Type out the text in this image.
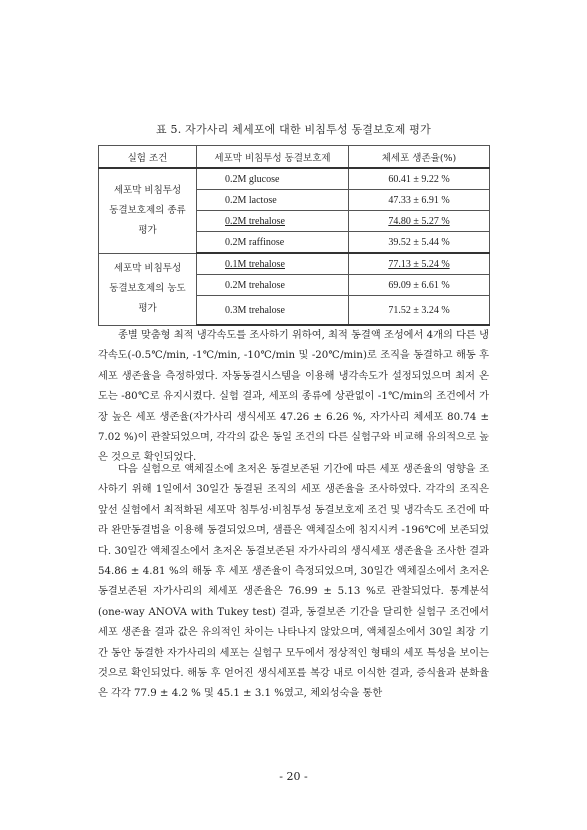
표 5. 자가사리 체세포에 대한 비침투성 동결보호제 평가
실험 조건	세포막 비침투성 동결보호제	체세포 생존율(%)

세포막 비침투성
동결보호제의 종류
평가	0.2M glucose	60.41 ± 9.22 %
	0.2M lactose	47.33 ± 6.91 %
	0.2M trehalose	74.80 ± 5.27 %
	0.2M raffinose	39.52 ± 5.44 %

세포막 비침투성
동결보호제의 농도
평가	0.1M trehalose	77.13 ± 5.24 %
	0.2M trehalose	69.09 ± 6.61 %
	0.3M trehalose	71.52 ± 3.24 %

종별 맞춤형 최적 냉각속도를 조사하기 위하여, 최적 동결액 조성에서 4개의 다른 냉각속도(-0.5℃/min, -1℃/min, -10℃/min 및 -20℃/min)로 조직을 동결하고 해동 후 세포 생존율을 측정하였다. 자동동결시스템을 이용해 냉각속도가 설정되었으며 최저 온도는 -80℃로 유지시켰다. 실험 결과, 세포의 종류에 상관없이 -1℃/min의 조건에서 가장 높은 세포 생존율(자가사리 생식세포 47.26 ± 6.26 %, 자가사리 체세포 80.74 ± 7.02 %)이 관찰되었으며, 각각의 값은 동일 조건의 다른 실험구와 비교해 유의적으로 높은 것으로 확인되었다.

다음 실험으로 액체질소에 초저온 동결보존된 기간에 따른 세포 생존율의 영향을 조사하기 위해 1일에서 30일간 동결된 조직의 세포 생존율을 조사하였다. 각각의 조직은 앞선 실험에서 최적화된 세포막 침투성·비침투성 동결보호제 조건 및 냉각속도 조건에 따라 완만동결법을 이용해 동결되었으며, 샘플은 액체질소에 침지시켜 -196℃에 보존되었다. 30일간 액체질소에서 초저온 동결보존된 자가사리의 생식세포 생존율을 조사한 결과 54.86 ± 4.81 %의 해동 후 세포 생존율이 측정되었으며, 30일간 액체질소에서 초저온 동결보존된 자가사리의 체세포 생존율은 76.99 ± 5.13 %로 관찰되었다. 통계분석(one-way ANOVA with Tukey test) 결과, 동결보존 기간을 달리한 실험구 조건에서 세포 생존율 결과 값은 유의적인 차이는 나타나지 않았으며, 액체질소에서 30일 최장 기간 동안 동결한 자가사리의 세포는 실험구 모두에서 정상적인 형태의 세포 특성을 보이는 것으로 확인되었다. 해동 후 얻어진 생식세포를 복강 내로 이식한 결과, 증식율과 분화율은 각각 77.9 ± 4.2 % 및 45.1 ± 3.1 %였고, 체외성숙을 통한

- 20 -
